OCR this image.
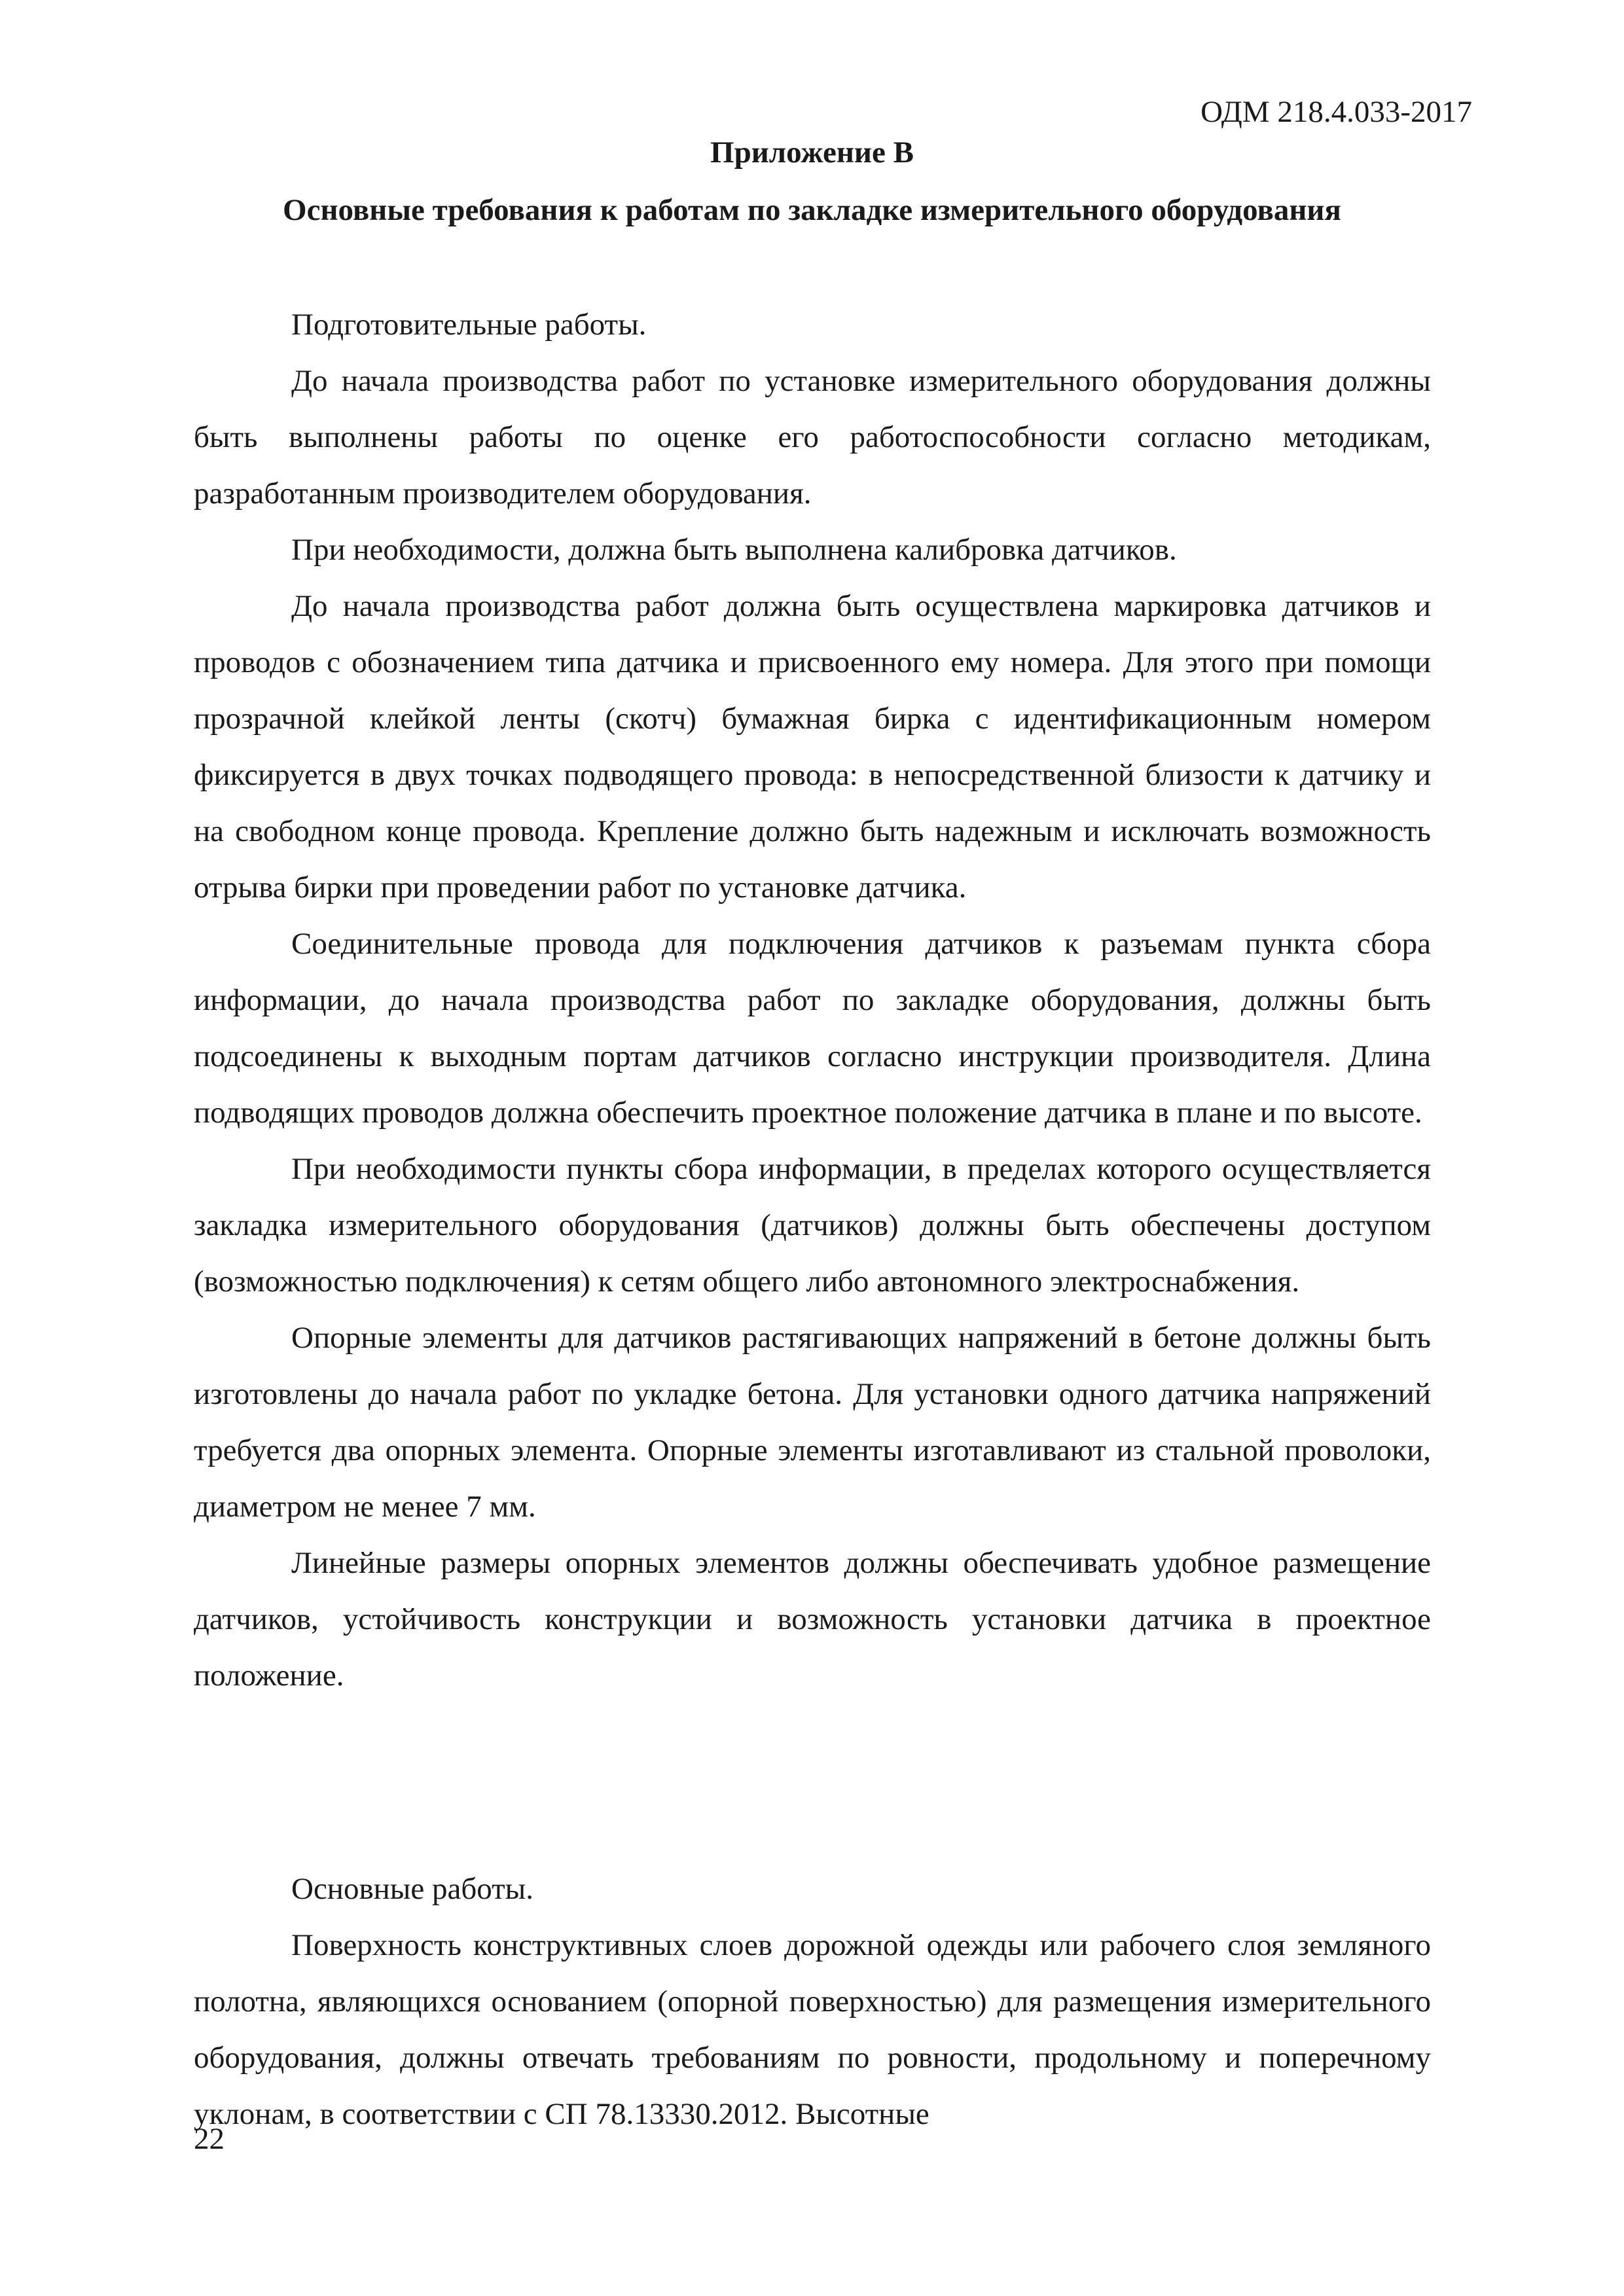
ОДМ 218.4.033-2017
Приложение В
Основные требования к работам по закладке измерительного оборудования

Подготовительные работы.

До начала производства работ по установке измерительного оборудования должны быть выполнены работы по оценке его работоспособности согласно методикам, разработанным производителем оборудования.

При необходимости, должна быть выполнена калибровка датчиков.

До начала производства работ должна быть осуществлена маркировка датчиков и проводов с обозначением типа датчика и присвоенного ему номера. Для этого при помощи прозрачной клейкой ленты (скотч) бумажная бирка с идентификационным номером фиксируется в двух точках подводящего провода: в непосредственной близости к датчику и на свободном конце провода. Крепление должно быть надежным и исключать возможность отрыва бирки при проведении работ по установке датчика.

Соединительные провода для подключения датчиков к разъемам пункта сбора информации, до начала производства работ по закладке оборудования, должны быть подсоединены к выходным портам датчиков согласно инструкции производителя. Длина подводящих проводов должна обеспечить проектное положение датчика в плане и по высоте.

При необходимости пункты сбора информации, в пределах которого осуществляется закладка измерительного оборудования (датчиков) должны быть обеспечены доступом (возможностью подключения) к сетям общего либо автономного электроснабжения.

Опорные элементы для датчиков растягивающих напряжений в бетоне должны быть изготовлены до начала работ по укладке бетона. Для установки одного датчика напряжений требуется два опорных элемента. Опорные элементы изготавливают из стальной проволоки, диаметром не менее 7 мм.

Линейные размеры опорных элементов должны обеспечивать удобное размещение датчиков, устойчивость конструкции и возможность установки датчика в проектное положение.

Основные работы.

Поверхность конструктивных слоев дорожной одежды или рабочего слоя земляного полотна, являющихся основанием (опорной поверхностью) для размещения измерительного оборудования, должны отвечать требованиям по ровности, продольному и поперечному уклонам, в соответствии с СП 78.13330.2012. Высотные

22
